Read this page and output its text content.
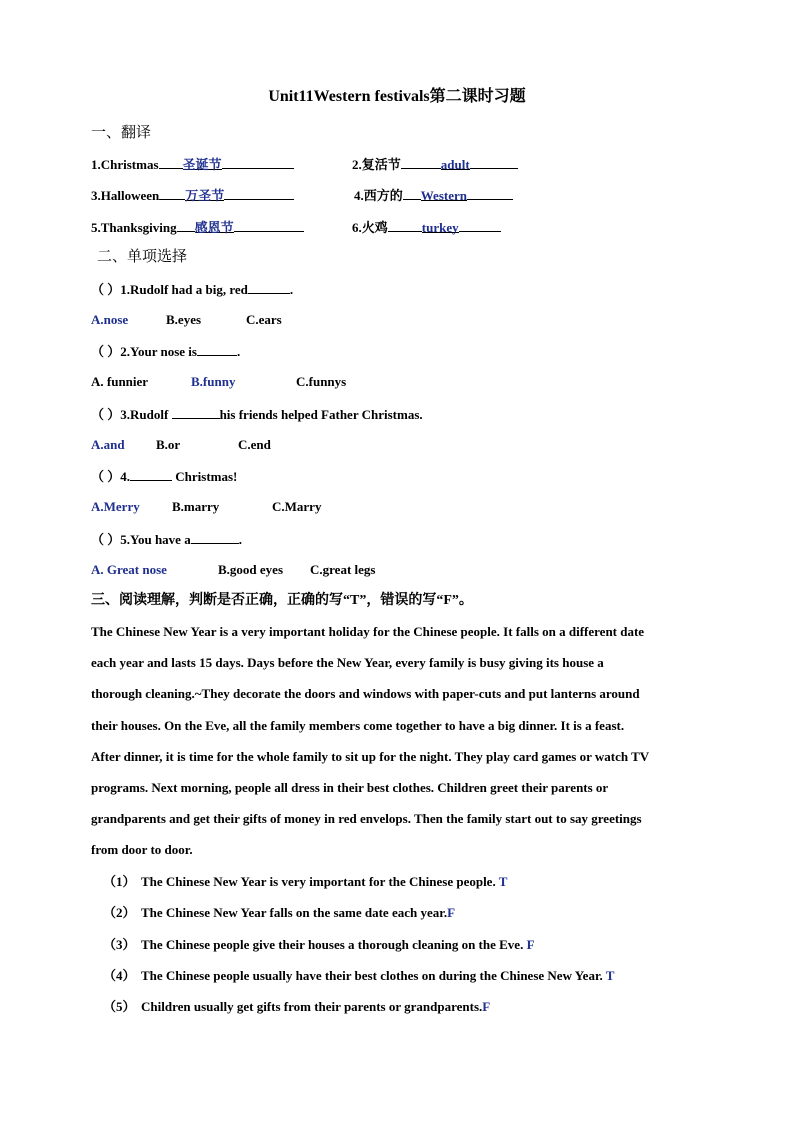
Unit11Western festivals第二课时习题
一、翻译
1.Christmas 圣诞节	2.复活节	adult
3.Halloween 万圣节	4.西方的 Western
5.Thanksgiving 感恩节	6.火鸡	turkey
二、单项选择
（ ）1.Rudolf had a big, red	.
A.nose	B.eyes	C.ears
（ ）2.Your nose is	.
A. funnier	B.funny	C.funnys
（ ）3.Rudolf	his friends helped Father Christmas.
A.and B.or	C.end
（ ）4.	Christmas!
A.Merry B.marry	C.Marry
（ ）5.You have a	.
A. Great nose	B.good eyes C.great legs
三、阅读理解，判断是否正确，正确的写“T”，错误的写“F”。
The Chinese New Year is a very important holiday for the Chinese people. It falls on a different date
each year and lasts 15 days. Days before the New Year, every family is busy giving its house a
thorough cleaning.~They decorate the doors and windows with paper-cuts and put lanterns around
their houses. On the Eve, all the family members come together to have a big dinner. It is a feast.
After dinner, it is time for the whole family to sit up for the night. They play card games or watch TV
programs. Next morning, people all dress in their best clothes. Children greet their parents or
grandparents and get their gifts of money in red envelops. Then the family start out to say greetings
from door to door.
（1） The Chinese New Year is very important for the Chinese people. T
（2） The Chinese New Year falls on the same date each year.F
（3） The Chinese people give their houses a thorough cleaning on the Eve. F
（4） The Chinese people usually have their best clothes on during the Chinese New Year. T
（5） Children usually get gifts from their parents or grandparents.F
